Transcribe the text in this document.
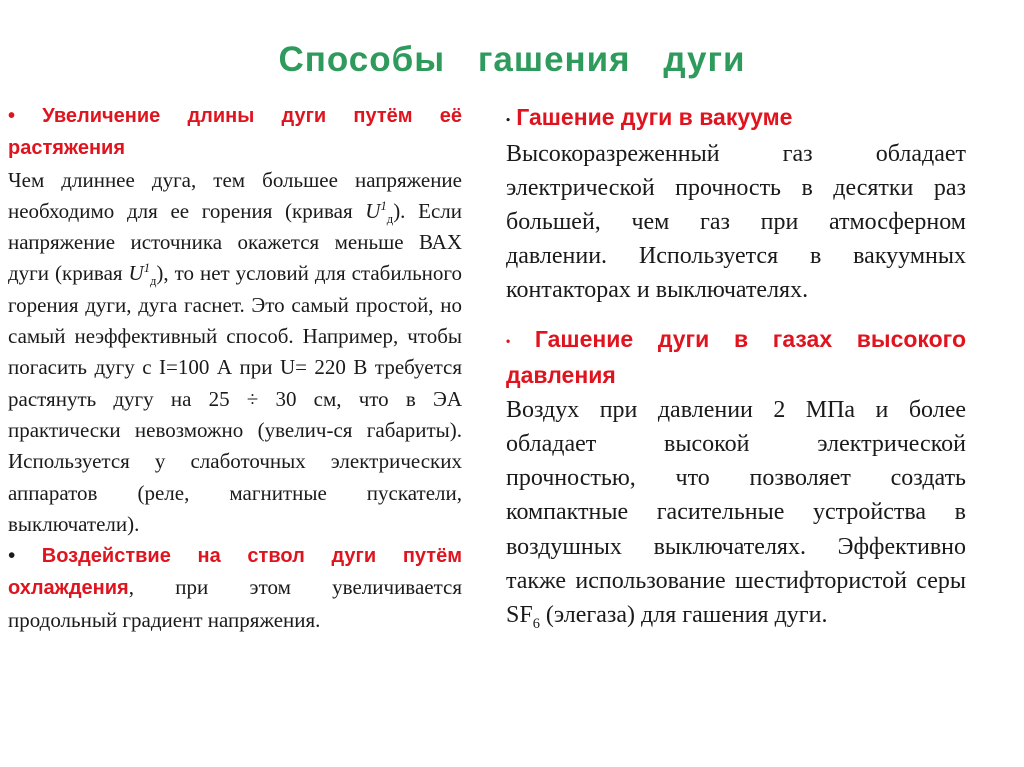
Способы гашения дуги

• Увеличение длины дуги путём её растяжения
Чем длиннее дуга, тем большее напряжение необходимо для ее горения (кривая $U^1_д$). Если напряжение источника окажется меньше ВАХ дуги (кривая $U^1_д$), то нет условий для стабильного горения дуги, дуга гаснет. Это самый простой, но самый неэффективный способ. Например, чтобы погасить дугу с I=100 А при U= 220 В требуется растянуть дугу на 25 ÷ 30 см, что в ЭА практически невозможно (увелич-ся габариты). Используется у слаботочных электрических аппаратов (реле, магнитные пускатели, выключатели).

• Воздействие на ствол дуги путём охлаждения, при этом увеличивается продольный градиент напряжения.

• Гашение дуги в вакууме
Высокоразреженный газ обладает электрической прочность в десятки раз большей, чем газ при атмосферном давлении. Используется в вакуумных контакторах и выключателях.

• Гашение дуги в газах высокого давления
Воздух при давлении 2 МПа и более обладает высокой электрической прочностью, что позволяет создать компактные гасительные устройства в воздушных выключателях. Эффективно также использование шестифтористой серы $SF_6$ (элегаза) для гашения дуги.
